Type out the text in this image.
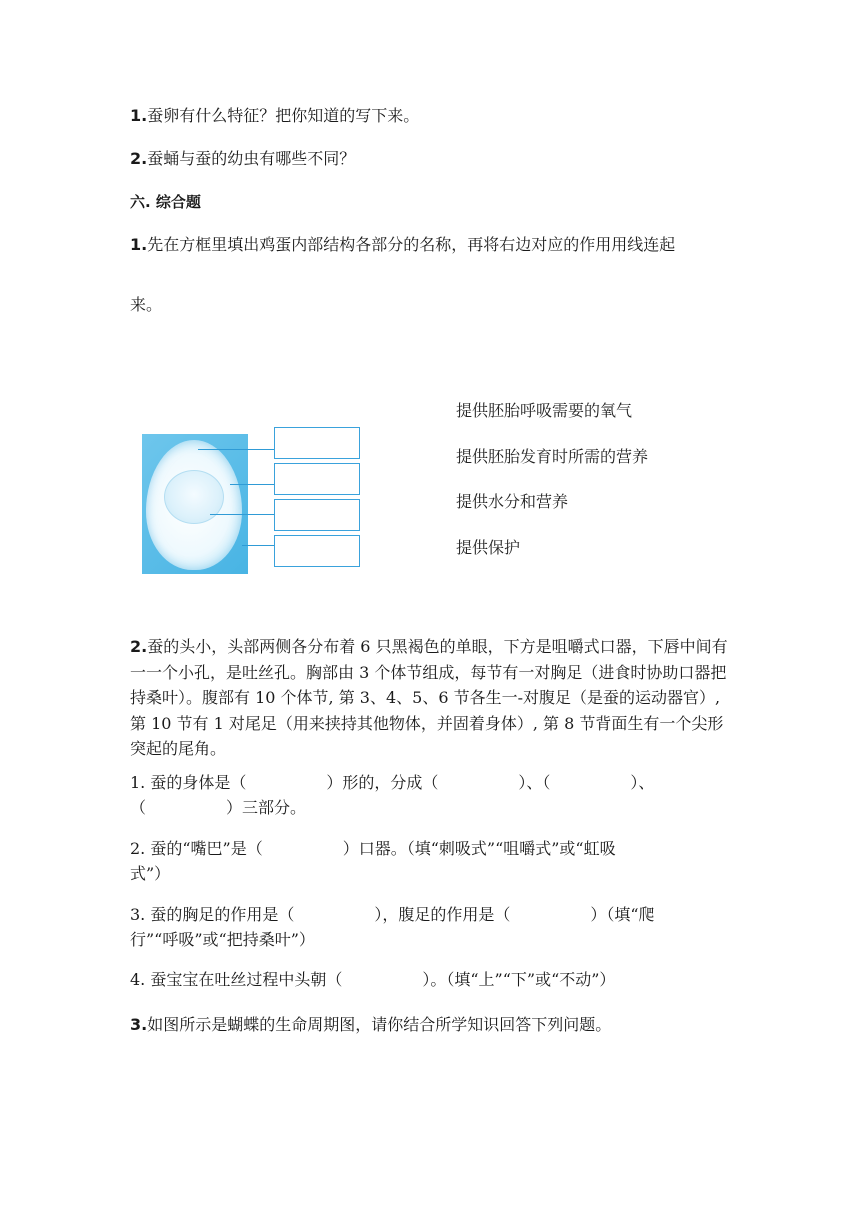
1.蚕卵有什么特征？把你知道的写下来。
2.蚕蛹与蚕的幼虫有哪些不同？
六. 综合题
1.先在方框里填出鸡蛋内部结构各部分的名称，再将右边对应的作用用线连起
来。
提供胚胎呼吸需要的氧气
提供胚胎发育时所需的营养
提供水分和营养
提供保护
2.蚕的头小，头部两侧各分布着 6 只黑褐色的单眼，下方是咀嚼式口器，下唇中间有一一个小孔，是吐丝孔。胸部由 3 个体节组成，每节有一对胸足（进食时协助口器把持桑叶）。腹部有 10 个体节, 第 3、4、5、6 节各生一-对腹足（是蚕的运动器官）, 第 10 节有 1 对尾足（用来挟持其他物体，并固着身体）, 第 8 节背面生有一个尖形突起的尾角。
1. 蚕的身体是（　　　　　）形的，分成（　　　　　）、（　　　　　）、
（　　　　　）三部分。
2. 蚕的“嘴巴”是（　　　　　）口器。（填“刺吸式”“咀嚼式”或“虹吸
式”）
3. 蚕的胸足的作用是（　　　　　），腹足的作用是（　　　　　）（填“爬
行”“呼吸”或“把持桑叶”）
4. 蚕宝宝在吐丝过程中头朝（　　　　　）。（填“上”“下”或“不动”）
3.如图所示是蝴蝶的生命周期图，请你结合所学知识回答下列问题。
